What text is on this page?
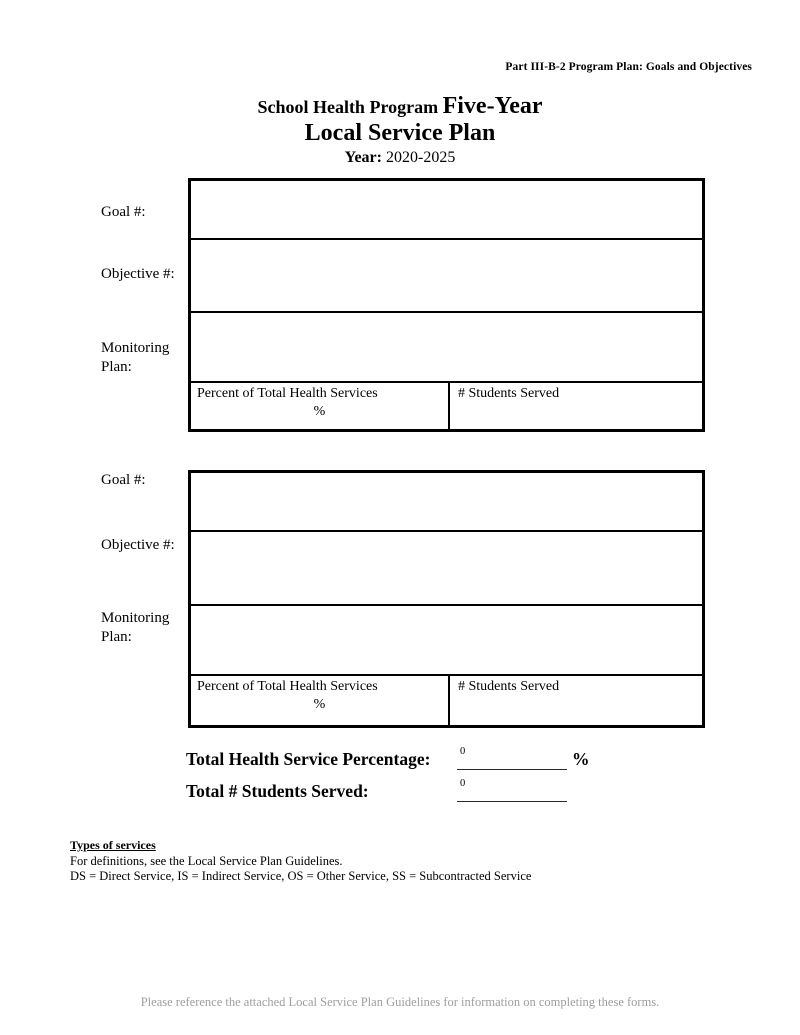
Part III-B-2 Program Plan: Goals and Objectives
School Health Program Five-Year
Local Service Plan
Year: 2020-2025
Goal #:
Objective #:
Monitoring
Plan:
Percent of Total Health Services
%
# Students Served
Goal #:
Objective #:
Monitoring
Plan:
Percent of Total Health Services
%
# Students Served
Total Health Service Percentage:	0	%
Total # Students Served:	0
Types of services
For definitions, see the Local Service Plan Guidelines.
DS = Direct Service, IS = Indirect Service, OS = Other Service, SS = Subcontracted Service
Please reference the attached Local Service Plan Guidelines for information on completing these forms.
